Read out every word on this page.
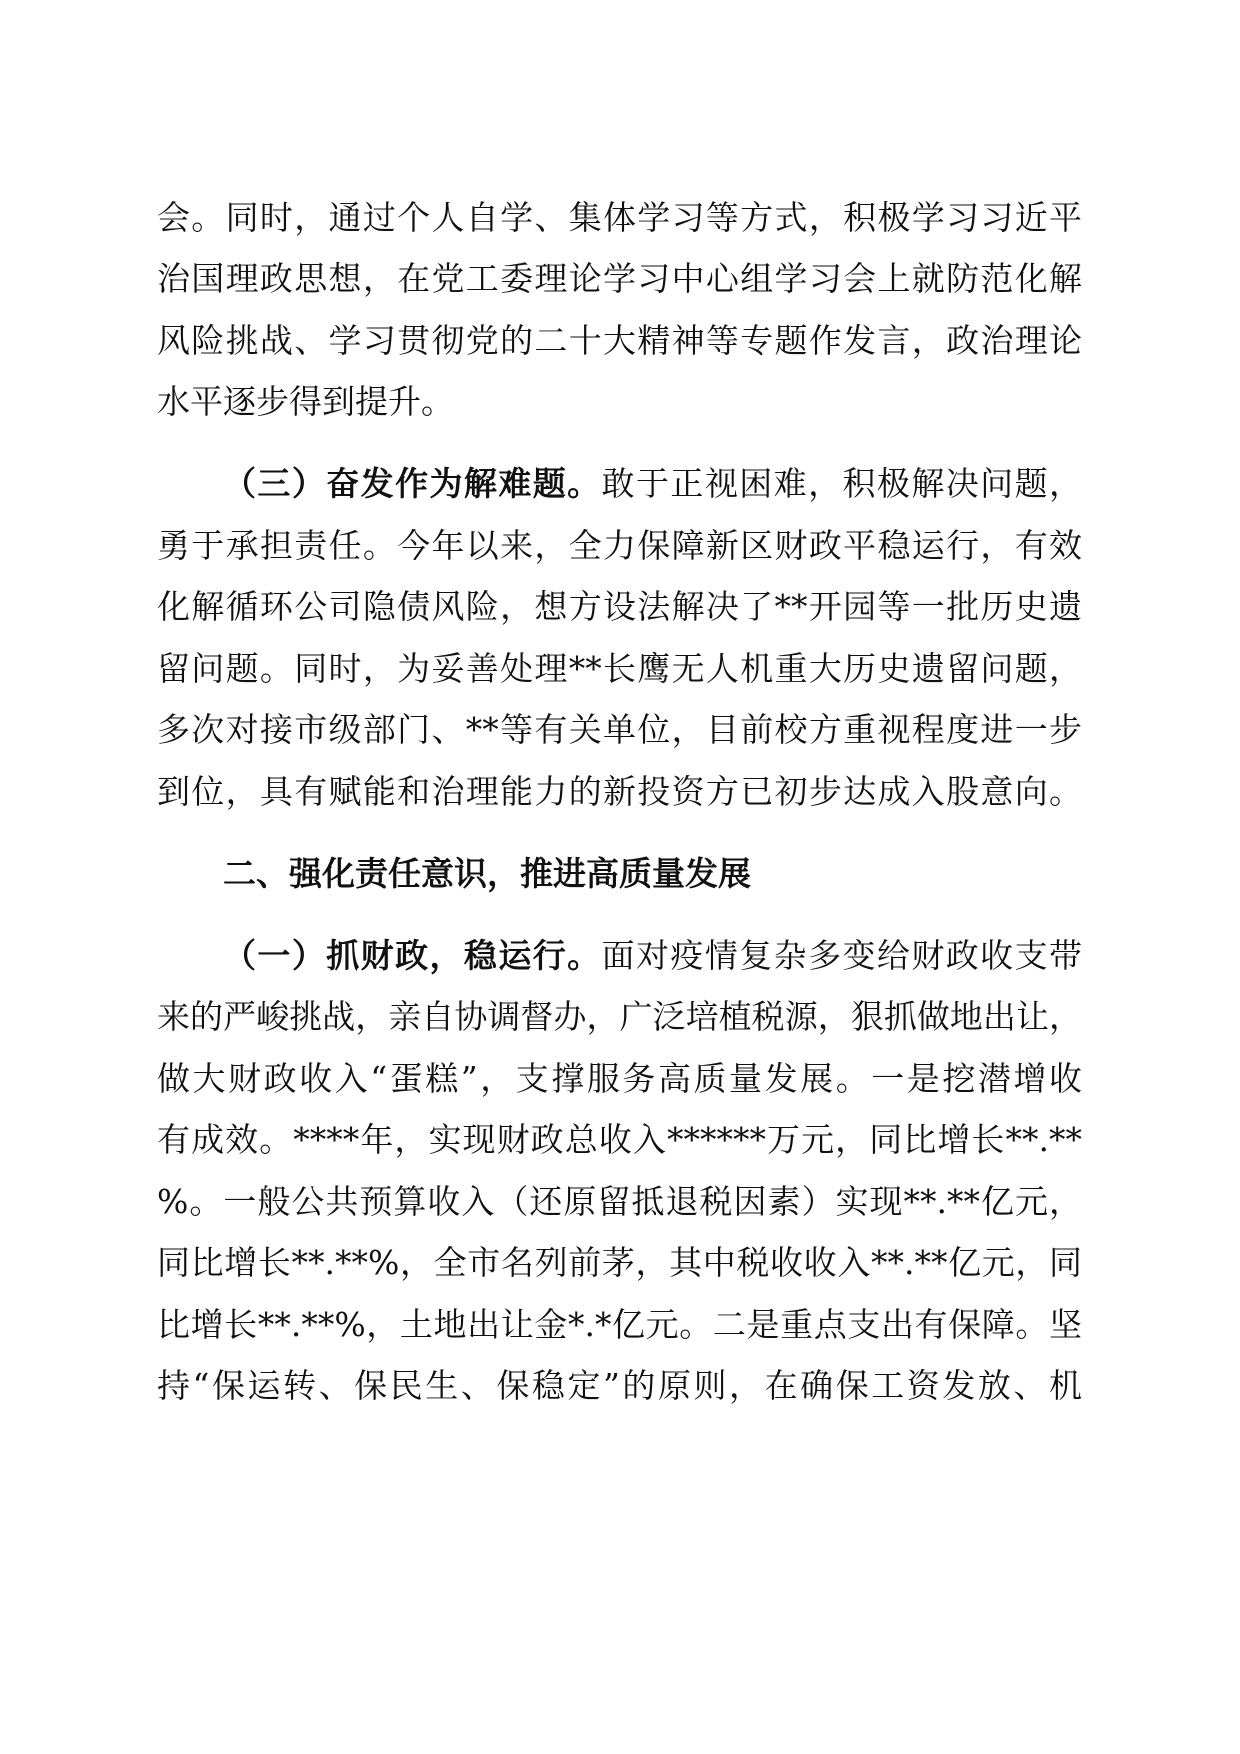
会。同时，通过个人自学、集体学习等方式，积极学习习近平
治国理政思想，在党工委理论学习中心组学习会上就防范化解
风险挑战、学习贯彻党的二十大精神等专题作发言，政治理论
水平逐步得到提升。
（三）奋发作为解难题。敢于正视困难，积极解决问题，
勇于承担责任。今年以来，全力保障新区财政平稳运行，有效
化解循环公司隐债风险，想方设法解决了**开园等一批历史遗
留问题。同时，为妥善处理**长鹰无人机重大历史遗留问题，
多次对接市级部门、**等有关单位，目前校方重视程度进一步
到位，具有赋能和治理能力的新投资方已初步达成入股意向。
二、强化责任意识，推进高质量发展
（一）抓财政，稳运行。面对疫情复杂多变给财政收支带
来的严峻挑战，亲自协调督办，广泛培植税源，狠抓做地出让，
做大财政收入“蛋糕”，支撑服务高质量发展。一是挖潜增收
有成效。****年，实现财政总收入******万元，同比增长**.**
%。一般公共预算收入（还原留抵退税因素）实现**.**亿元，
同比增长**.**%，全市名列前茅，其中税收收入**.**亿元，同
比增长**.**%，土地出让金*.*亿元。二是重点支出有保障。坚
持“保运转、保民生、保稳定”的原则，在确保工资发放、机
